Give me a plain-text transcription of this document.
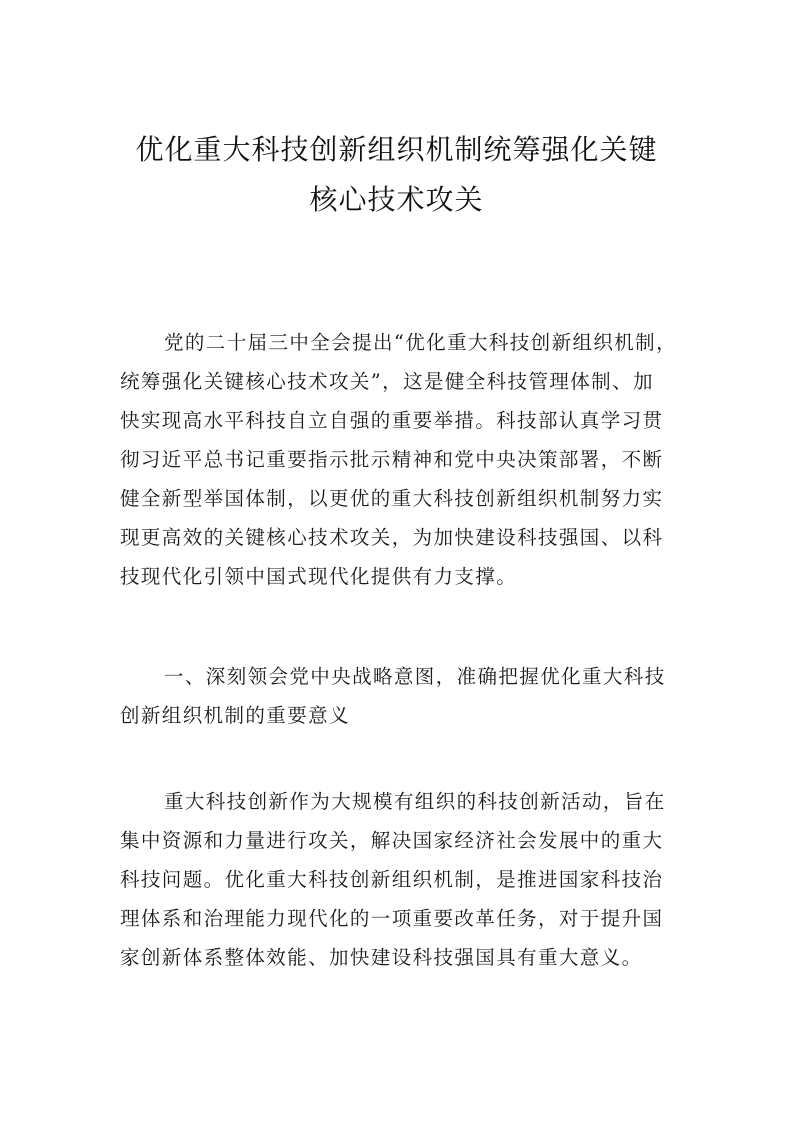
优化重大科技创新组织机制统筹强化关键
核心技术攻关
党的二十届三中全会提出“优化重大科技创新组织机制，
统筹强化关键核心技术攻关”，这是健全科技管理体制、加
快实现高水平科技自立自强的重要举措。科技部认真学习贯
彻习近平总书记重要指示批示精神和党中央决策部署，不断
健全新型举国体制，以更优的重大科技创新组织机制努力实
现更高效的关键核心技术攻关，为加快建设科技强国、以科
技现代化引领中国式现代化提供有力支撑。
一、深刻领会党中央战略意图，准确把握优化重大科技
创新组织机制的重要意义
重大科技创新作为大规模有组织的科技创新活动，旨在
集中资源和力量进行攻关，解决国家经济社会发展中的重大
科技问题。优化重大科技创新组织机制，是推进国家科技治
理体系和治理能力现代化的一项重要改革任务，对于提升国
家创新体系整体效能、加快建设科技强国具有重大意义。
